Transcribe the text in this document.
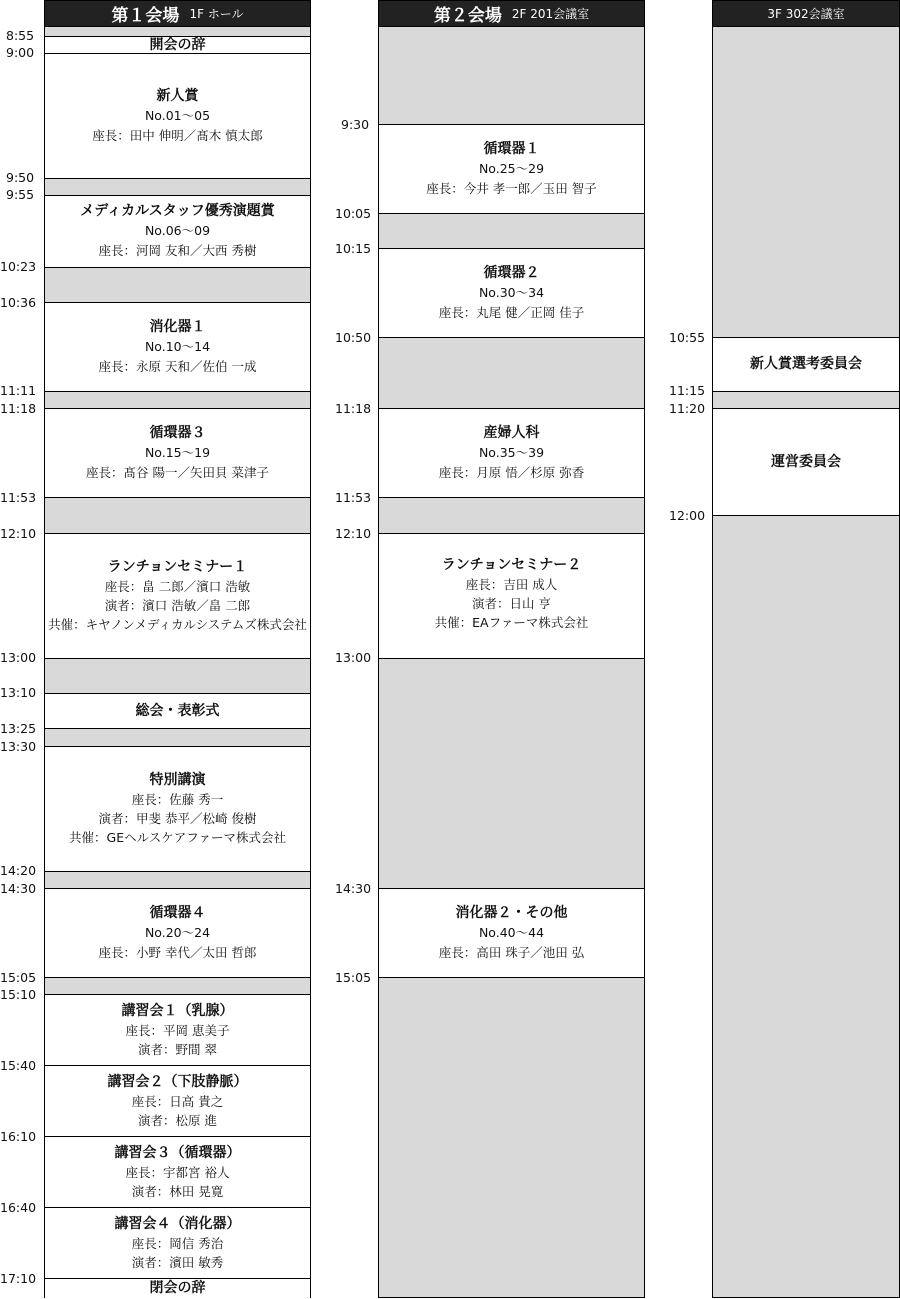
第１会場 1F ホール	第２会場 2F 201会議室	3F 302会議室
開会の辞
新人賞
No.01～05
座長：田中 伸明／髙木 慎太郎
メディカルスタッフ優秀演題賞
No.06～09
座長：河岡 友和／大西 秀樹
消化器１
No.10～14
座長：永原 天和／佐伯 一成
循環器３
No.15～19
座長：髙谷 陽一／矢田貝 菜津子
ランチョンセミナー１
座長：畠 二郎／濱口 浩敏
演者：濱口 浩敏／畠 二郎
共催：キヤノンメディカルシステムズ株式会社
総会・表彰式
特別講演
座長：佐藤 秀一
演者：甲斐 恭平／松崎 俊樹
共催：GEヘルスケアファーマ株式会社
循環器４
No.20～24
座長：小野 幸代／太田 哲郎
講習会１（乳腺）
座長：平岡 恵美子
演者：野間 翠
講習会２（下肢静脈）
座長：日高 貴之
演者：松原 進
講習会３（循環器）
座長：宇都宮 裕人
演者：林田 晃寛
講習会４（消化器）
座長：岡信 秀治
演者：濱田 敏秀
閉会の辞
8:55
9:00
9:50
9:55
10:23
10:36
11:11
11:18
11:53
12:10
13:00
13:10
13:25
13:30
14:20
14:30
15:05
15:10
15:40
16:10
16:40
17:10
循環器１
No.25～29
座長：今井 孝一郎／玉田 智子
循環器２
No.30～34
座長：丸尾 健／正岡 佳子
産婦人科
No.35～39
座長：月原 悟／杉原 弥香
ランチョンセミナー２
座長：吉田 成人
演者：日山 亨
共催：EAファーマ株式会社
消化器２・その他
No.40～44
座長：高田 珠子／池田 弘
9:30
10:05
10:15
10:50
11:18
11:53
12:10
13:00
14:30
15:05
新人賞選考委員会
運営委員会
10:55
11:15
11:20
12:00
